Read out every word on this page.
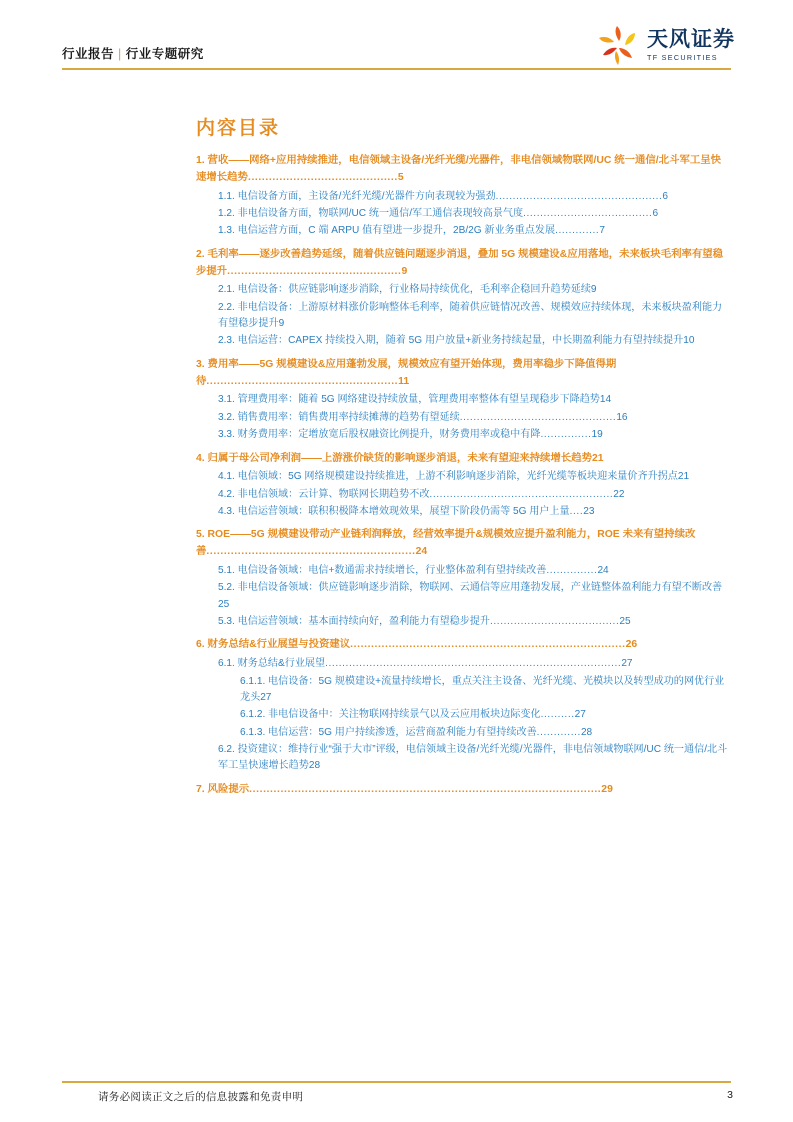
行业报告 | 行业专题研究
天风证券
TF SECURITIES
内容目录
1. 营收——网络+应用持续推进，电信领域主设备/光纤光缆/光器件，非电信领域物联网/UC 统一通信/北斗军工呈快速增长趋势...........................................5
1.1. 电信设备方面，主设备/光纤光缆/光器件方向表现较为强劲.................................................6
1.2. 非电信设备方面，物联网/UC 统一通信/军工通信表现较高景气度......................................6
1.3. 电信运营方面，C 端 ARPU 值有望进一步提升，2B/2G 新业务重点发展.............7
2. 毛利率——逐步改善趋势延绥，随着供应链问题逐步消退，叠加 5G 规模建设&应用落地，未来板块毛利率有望稳步提升..................................................9
2.1. 电信设备：供应链影响逐步消除，行业格局持续优化，毛利率企稳回升趋势延续9
2.2. 非电信设备：上游原材料涨价影响整体毛利率，随着供应链情况改善、规模效应持续体现，未来板块盈利能力有望稳步提升9
2.3. 电信运营：CAPEX 持续投入期，随着 5G 用户放量+新业务持续起量，中长期盈利能力有望持续提升10
3. 费用率——5G 规模建设&应用蓬勃发展，规模效应有望开始体现，费用率稳步下降值得期待.......................................................11
3.1. 管理费用率：随着 5G 网络建设持续放量，管理费用率整体有望呈现稳步下降趋势14
3.2. 销售费用率：销售费用率持续摊薄的趋势有望延续..............................................16
3.3. 财务费用率：定增放宽后股权融资比例提升，财务费用率或稳中有降...............19
4. 归属于母公司净利润——上游涨价缺货的影响逐步消退，未来有望迎来持续增长趋势21
4.1. 电信领域：5G 网络规模建设持续推进，上游不利影响逐步消除，光纤光缆等板块迎来量价齐升拐点21
4.2. 非电信领域：云计算、物联网长期趋势不改......................................................22
4.3. 电信运营领域：联积积极降本增效现效果，展望下阶段仍需等 5G 用户上量....23
5. ROE——5G 规模建设带动产业链利润释放，经营效率提升&规模效应提升盈利能力，ROE 未来有望持续改善............................................................24
5.1. 电信设备领域：电信+数通需求持续增长，行业整体盈利有望持续改善...............24
5.2. 非电信设备领域：供应链影响逐步消除，物联网、云通信等应用蓬勃发展，产业链整体盈利能力有望不断改善25
5.3. 电信运营领域：基本面持续向好，盈利能力有望稳步提升......................................25
6. 财务总结&行业展望与投资建议...............................................................................26
6.1. 财务总结&行业展望.......................................................................................27
6.1.1. 电信设备：5G 规模建设+流量持续增长，重点关注主设备、光纤光缆、光模块以及转型成功的网优行业龙头27
6.1.2. 非电信设备中：关注物联网持续景气以及云应用板块边际变化..........27
6.1.3. 电信运营：5G 用户持续渗透，运营商盈利能力有望持续改善.............28
6.2. 投资建议：维持行业“强于大市”评级，电信领域主设备/光纤光缆/光器件，非电信领域物联网/UC 统一通信/北斗军工呈快速增长趋势28
7. 风险提示.....................................................................................................29
请务必阅读正文之后的信息披露和免责申明	3
